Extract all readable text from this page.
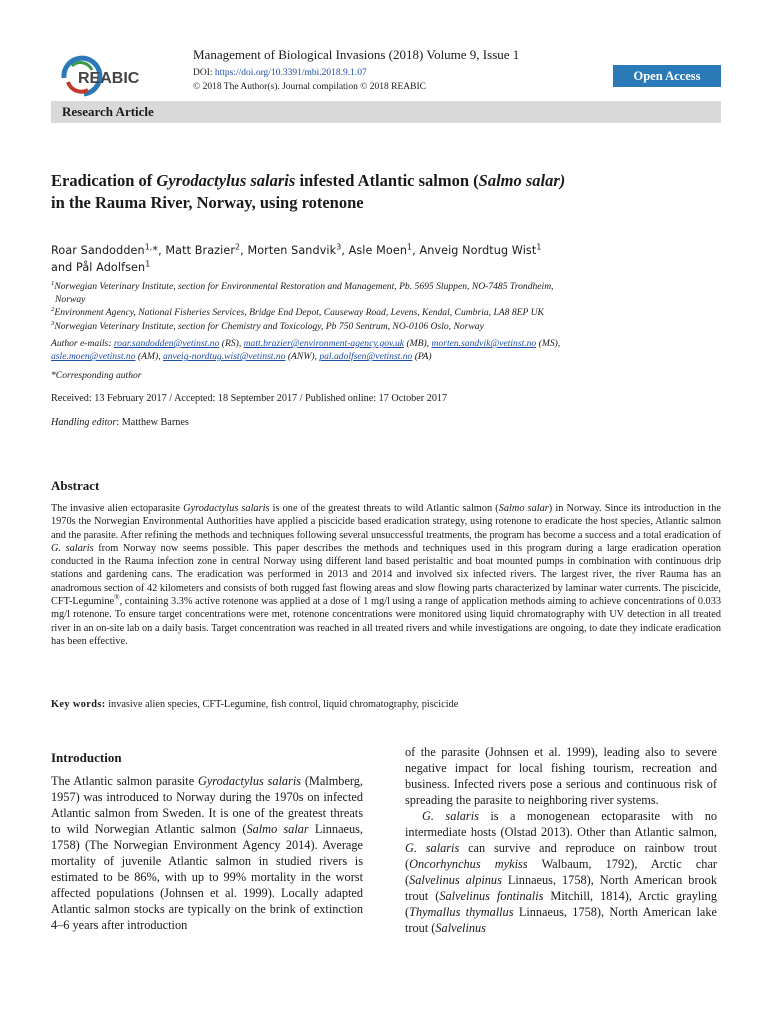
REABIC
Management of Biological Invasions (2018) Volume 9, Issue 1
DOI: https://doi.org/10.3391/mbi.2018.9.1.07
© 2018 The Author(s). Journal compilation © 2018 REABIC
Open Access
Research Article
Eradication of Gyrodactylus salaris infested Atlantic salmon (Salmo salar)
in the Rauma River, Norway, using rotenone
Roar Sandodden$^{1,}$*, Matt Brazier$^2$, Morten Sandvik$^3$, Asle Moen$^1$, Anveig Nordtug Wist$^1$
and Pål Adolfsen$^1$
$^1$Norwegian Veterinary Institute, section for Environmental Restoration and Management, Pb. 5695 Sluppen, NO-7485 Trondheim,
Norway
$^2$Environment Agency, National Fisheries Services, Bridge End Depot, Causeway Road, Levens, Kendal, Cumbria, LA8 8EP UK
$^3$Norwegian Veterinary Institute, section for Chemistry and Toxicology, Pb 750 Sentrum, NO-0106 Oslo, Norway
Author e-mails: roar.sandodden@vetinst.no (RS), matt.brazier@environment-agency.gov.uk (MB), morten.sandvik@vetinst.no (MS),
asle.moen@vetinst.no (AM), anveig-nordtug.wist@vetinst.no (ANW), pal.adolfsen@vetinst.no (PA)
*Corresponding author
Received: 13 February 2017 / Accepted: 18 September 2017 / Published online: 17 October 2017
Handling editor: Matthew Barnes
Abstract
The invasive alien ectoparasite Gyrodactylus salaris is one of the greatest threats to wild Atlantic salmon (Salmo salar) in Norway. Since its introduction in the 1970s the Norwegian Environmental Authorities have applied a piscicide based eradication strategy, using rotenone to eradicate the host species, Atlantic salmon and the parasite. After refining the methods and techniques following several unsuccessful treatments, the program has become a success and a total eradication of G. salaris from Norway now seems possible. This paper describes the methods and techniques used in this program during a large eradication operation conducted in the Rauma infection zone in central Norway using different land based peristaltic and boat mounted pumps in combination with continuous drip stations and gardening cans. The eradication was performed in 2013 and 2014 and involved six infected rivers. The largest river, the river Rauma has an anadromous section of 42 kilometers and consists of both rugged fast flowing areas and slow flowing parts characterized by laminar water currents. The piscicide, CFT-Legumine®, containing 3.3% active rotenone was applied at a dose of 1 mg/l using a range of application methods aiming to achieve concentrations of 0.033 mg/l rotenone. To ensure target concentrations were met, rotenone concentrations were monitored using liquid chromatography with UV detection in all treated river in an on-site lab on a daily basis. Target concentration was reached in all treated rivers and while investigations are ongoing, to date they indicate eradication has been effective.
Key words: invasive alien species, CFT-Legumine, fish control, liquid chromatography, piscicide
Introduction

The Atlantic salmon parasite Gyrodactylus salaris (Malmberg, 1957) was introduced to Norway during the 1970s on infected Atlantic salmon from Sweden. It is one of the greatest threats to wild Norwegian Atlantic salmon (Salmo salar Linnaeus, 1758) (The Norwegian Environment Agency 2014). Average mortality of juvenile Atlantic salmon in studied rivers is estimated to be 86%, with up to 99% mortality in the worst affected populations (Johnsen et al. 1999). Locally adapted Atlantic salmon stocks are typically on the brink of extinction 4–6 years after introduction

of the parasite (Johnsen et al. 1999), leading also to severe negative impact for local fishing tourism, recreation and business. Infected rivers pose a serious and continuous risk of spreading the parasite to neighboring river systems.

G. salaris is a monogenean ectoparasite with no intermediate hosts (Olstad 2013). Other than Atlantic salmon, G. salaris can survive and reproduce on rainbow trout (Oncorhynchus mykiss Walbaum, 1792), Arctic char (Salvelinus alpinus Linnaeus, 1758), North American brook trout (Salvelinus fontinalis Mitchill, 1814), Arctic grayling (Thymallus thymallus Linnaeus, 1758), North American lake trout (Salvelinus
